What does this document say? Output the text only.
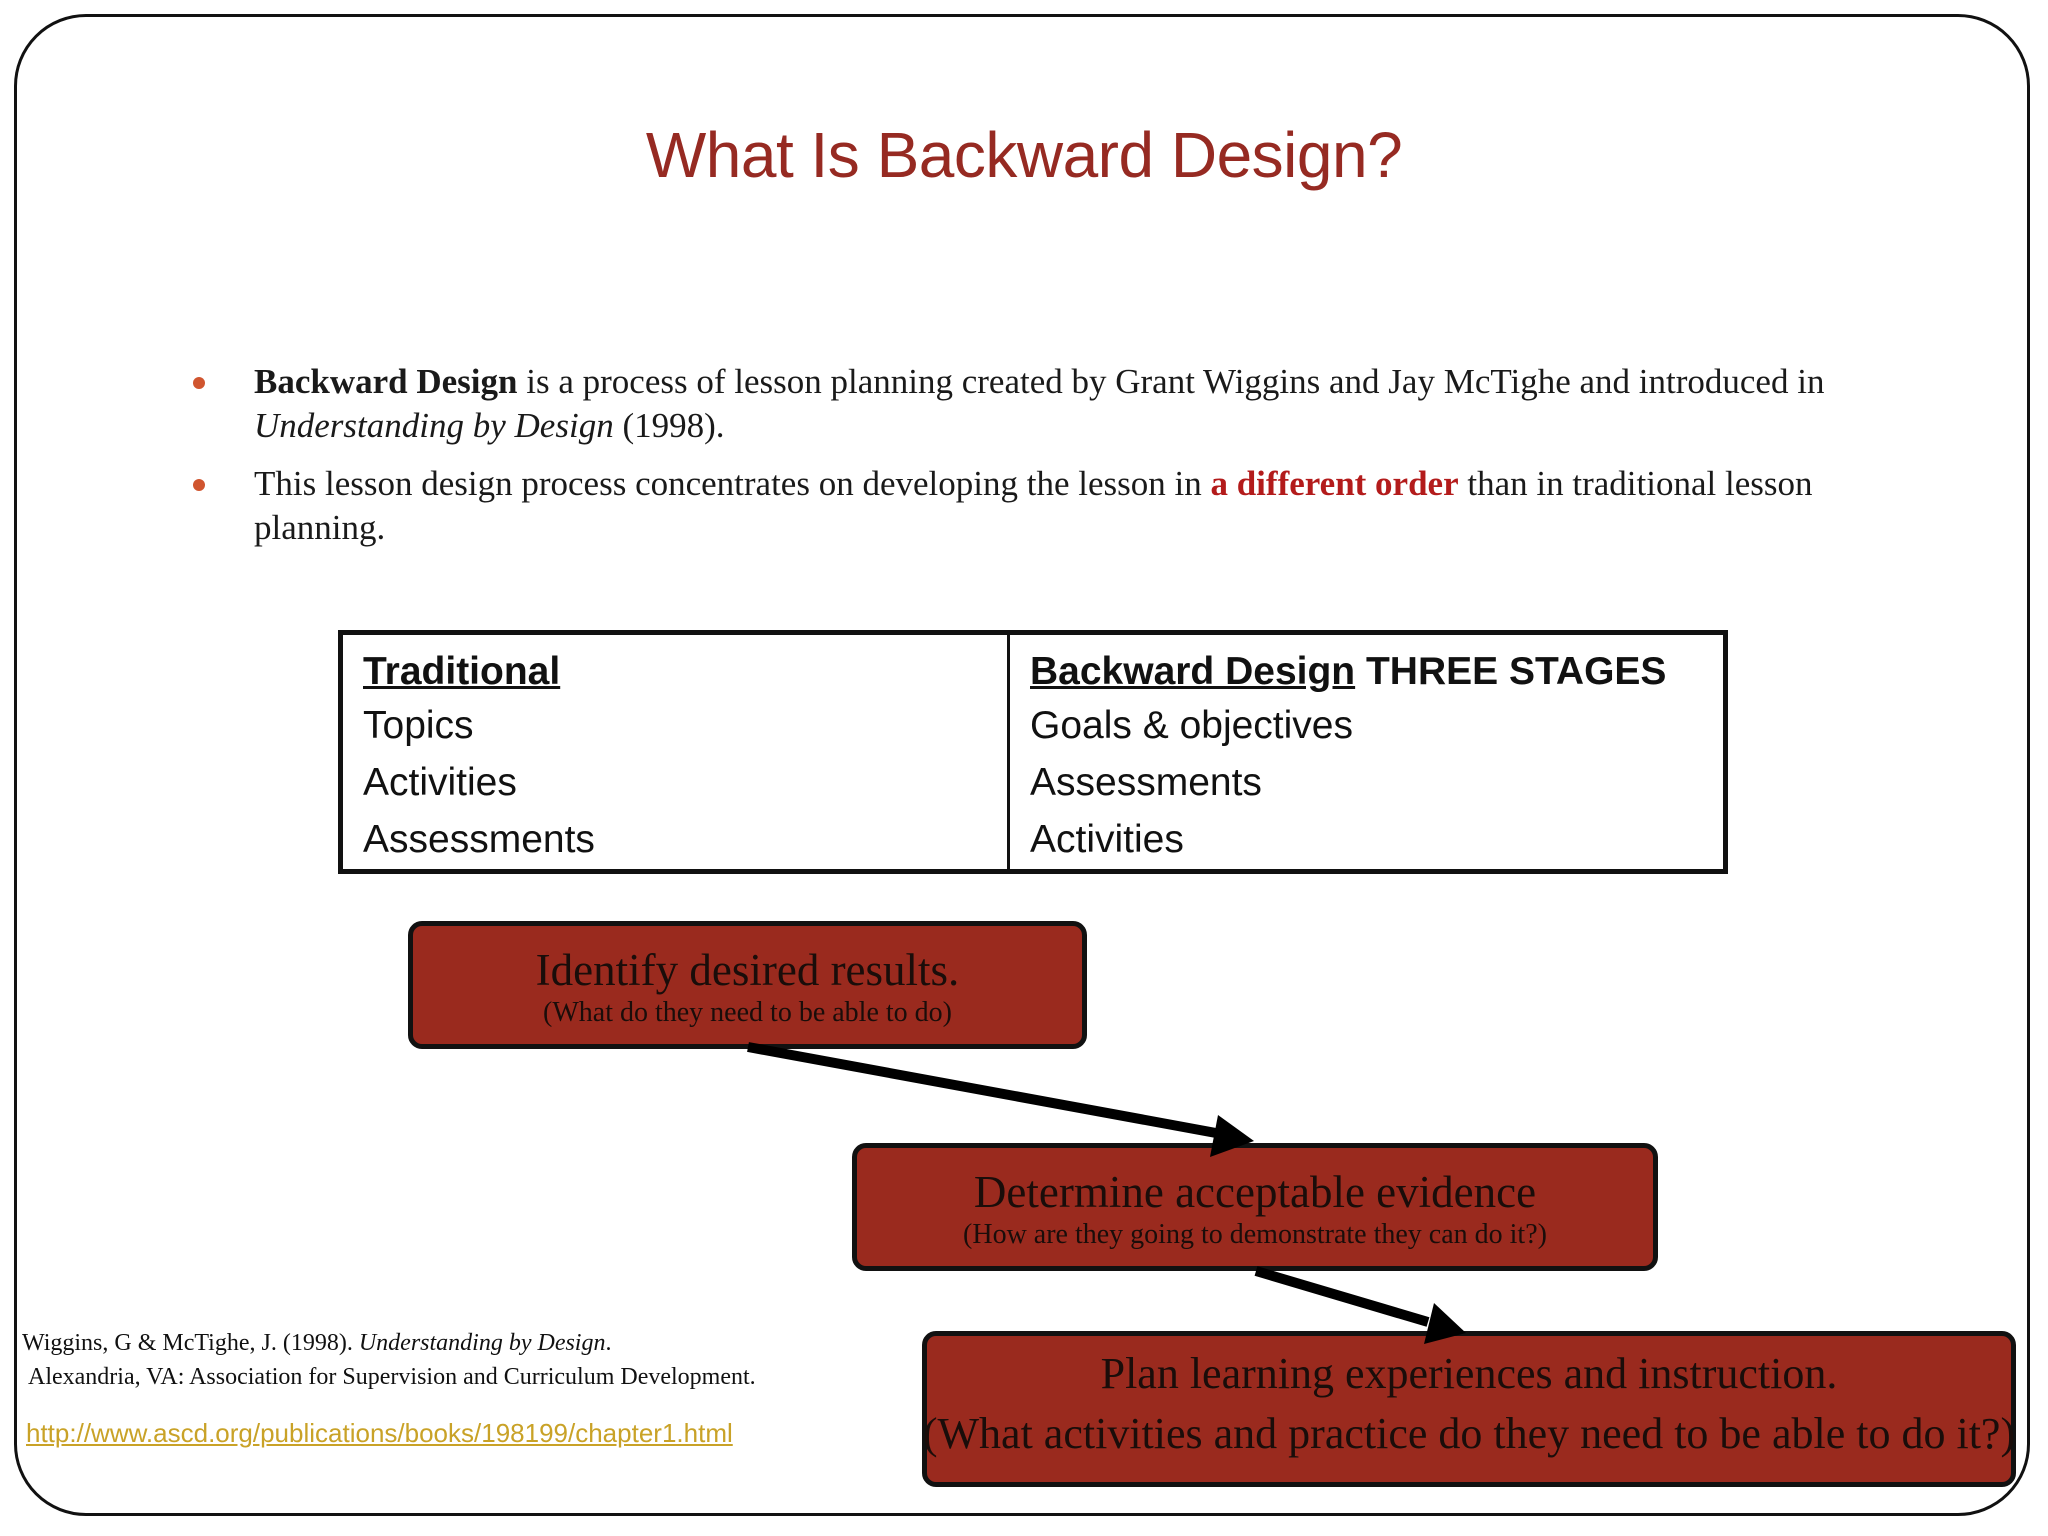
What Is Backward Design?
Backward Design is a process of lesson planning created by Grant Wiggins and Jay McTighe and introduced in Understanding by Design (1998).
This lesson design process concentrates on developing the lesson in a different order than in traditional lesson planning.
Traditional
Topics
Activities
Assessments
Backward Design THREE STAGES
Goals & objectives
Assessments
Activities
Identify desired results.
(What do they need to be able to do)
Determine acceptable evidence
(How are they going to demonstrate they can do it?)
Plan learning experiences and instruction.
(What activities and practice do they need to be able to do it?)
Wiggins, G & McTighe, J. (1998). Understanding by Design.
Alexandria, VA: Association for Supervision and Curriculum Development.
http://www.ascd.org/publications/books/198199/chapter1.html
